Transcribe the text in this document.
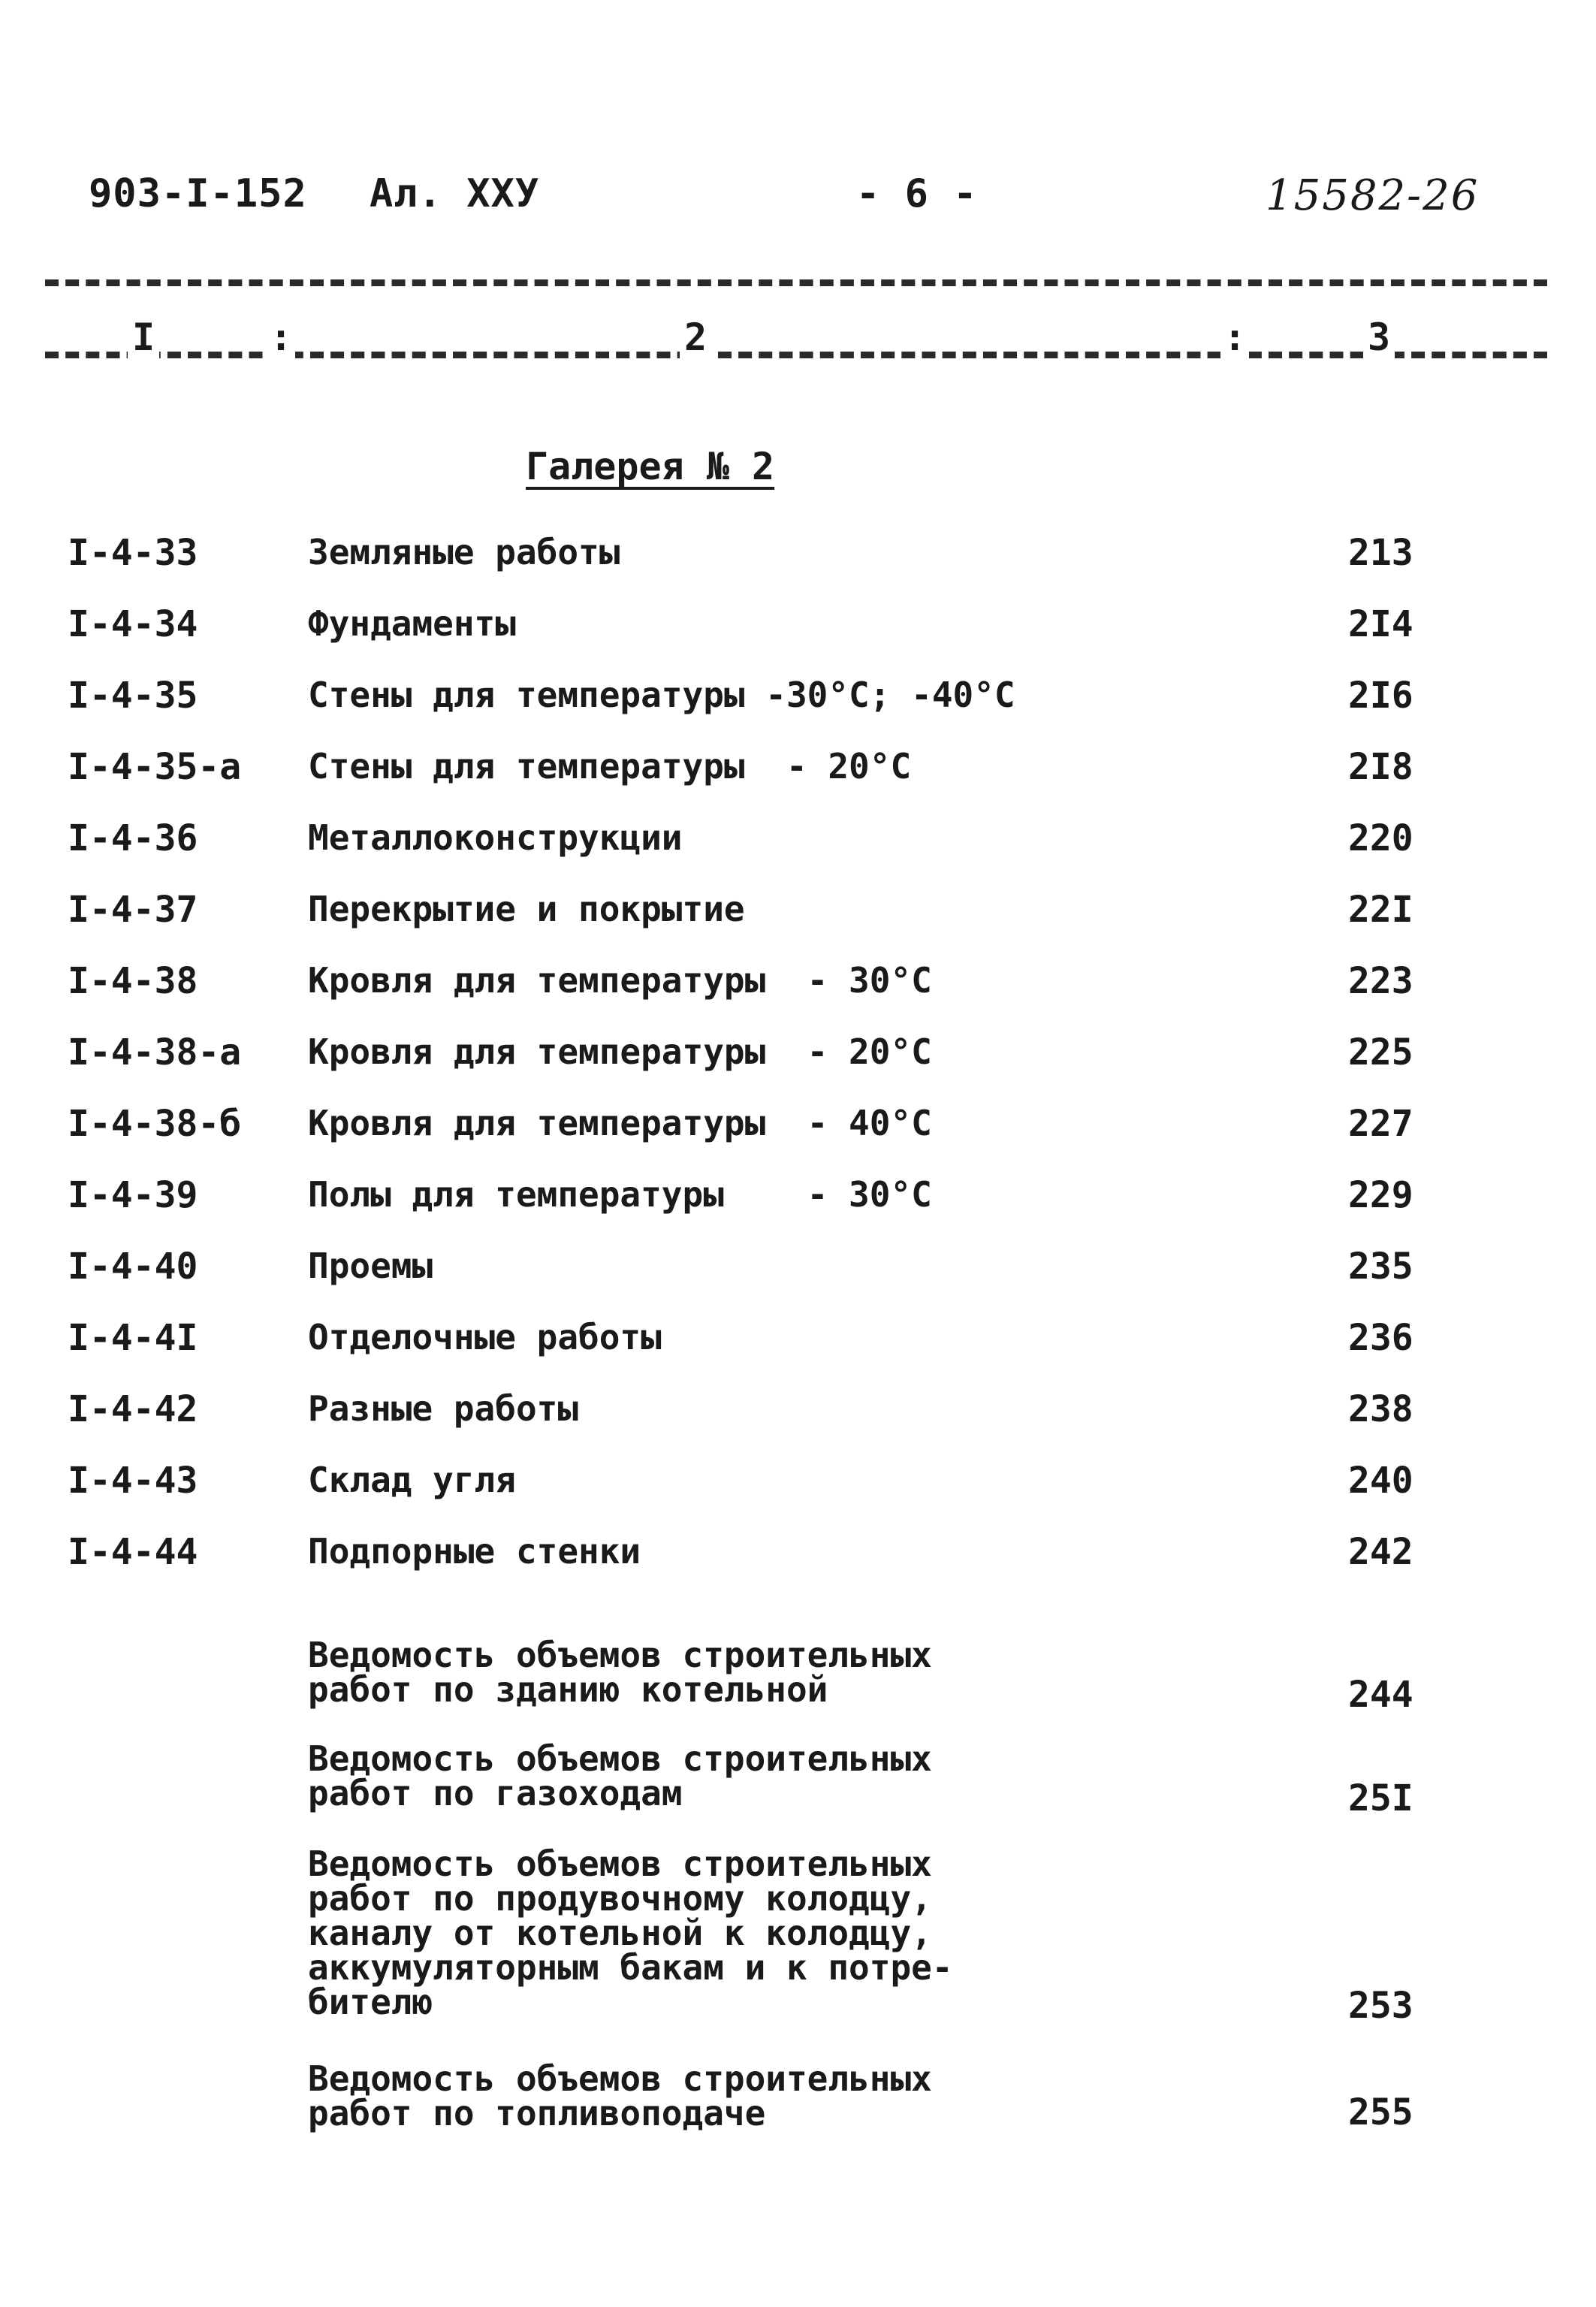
903-I-152 Ал. ХХУ	- 6 -	15582-26
I	:	2	:	3
Галерея № 2
I-4-33	Земляные работы	213
I-4-34	Фундаменты	2I4
I-4-35	Стены для температуры -30°С; -40°С	2I6
I-4-35-а Стены для температуры  - 20°С	2I8
I-4-36	Металлоконструкции	220
I-4-37	Перекрытие и покрытие	22I
I-4-38	Кровля для температуры  - 30°С	223
I-4-38-а Кровля для температуры  - 20°С	225
I-4-38-б Кровля для температуры  - 40°С	227
I-4-39	Полы для температуры    - 30°С	229
I-4-40	Проемы	235
I-4-4I	Отделочные работы	236
I-4-42	Разные работы	238
I-4-43	Склад угля	240
I-4-44	Подпорные стенки	242
Ведомость объемов строительных
работ по зданию котельной	244
Ведомость объемов строительных
работ по газоходам	25I
Ведомость объемов строительных
работ по продувочному колодцу,
каналу от котельной к колодцу,
аккумуляторным бакам и к потре-
бителю	253
Ведомость объемов строительных
работ по топливоподаче	255
